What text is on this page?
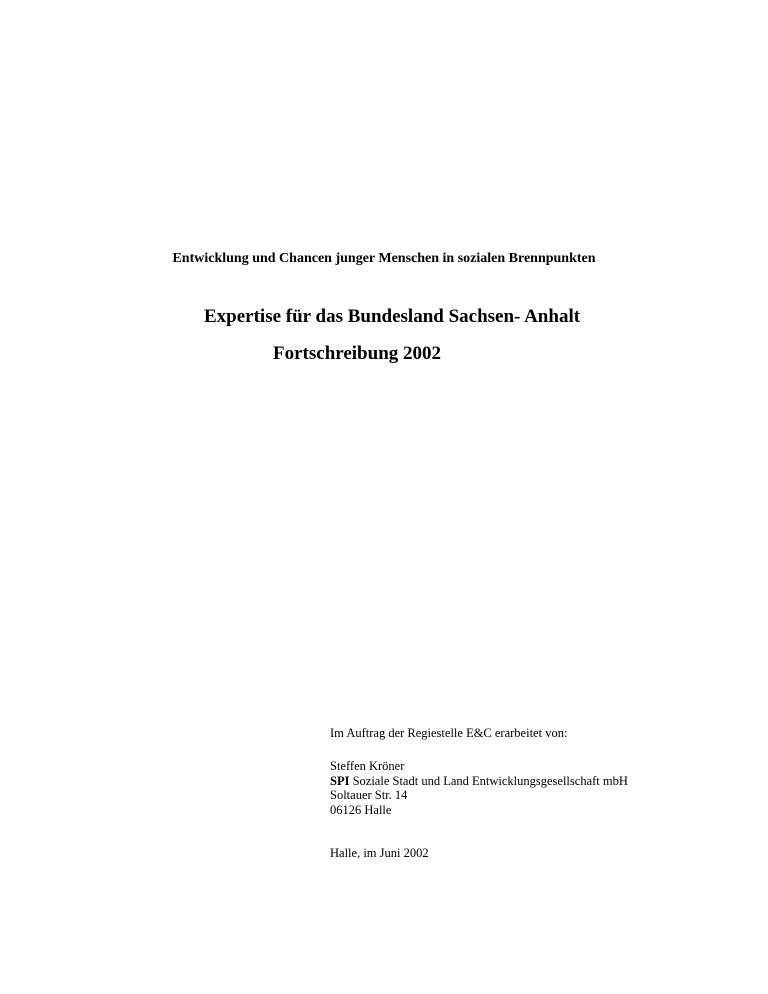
Entwicklung und Chancen junger Menschen in sozialen Brennpunkten
Expertise für das Bundesland Sachsen- Anhalt
Fortschreibung 2002
Im Auftrag der Regiestelle E&C erarbeitet von:
Steffen Kröner
SPI Soziale Stadt und Land Entwicklungsgesellschaft mbH
Soltauer Str. 14
06126 Halle
Halle, im Juni 2002
